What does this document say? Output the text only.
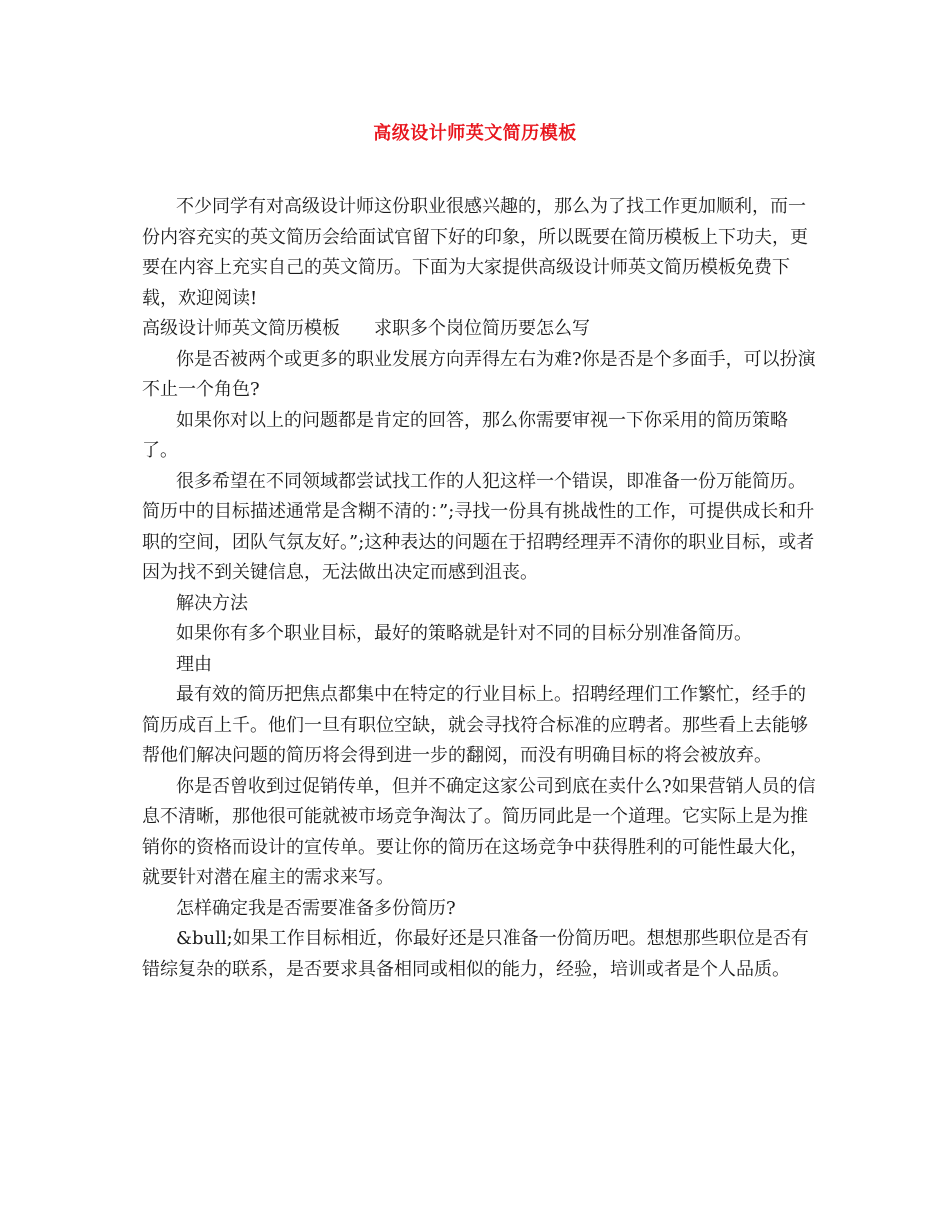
高级设计师英文简历模板

不少同学有对高级设计师这份职业很感兴趣的，那么为了找工作更加顺利，而一份内容充实的英文简历会给面试官留下好的印象，所以既要在简历模板上下功夫，更要在内容上充实自己的英文简历。下面为大家提供高级设计师英文简历模板免费下载，欢迎阅读!

高级设计师英文简历模板 求职多个岗位简历要怎么写

你是否被两个或更多的职业发展方向弄得左右为难?你是否是个多面手，可以扮演不止一个角色?

如果你对以上的问题都是肯定的回答，那么你需要审视一下你采用的简历策略了。

很多希望在不同领域都尝试找工作的人犯这样一个错误，即准备一份万能简历。简历中的目标描述通常是含糊不清的：”;寻找一份具有挑战性的工作，可提供成长和升职的空间，团队气氛友好。”;这种表达的问题在于招聘经理弄不清你的职业目标，或者因为找不到关键信息，无法做出决定而感到沮丧。

解决方法

如果你有多个职业目标，最好的策略就是针对不同的目标分别准备简历。

理由

最有效的简历把焦点都集中在特定的行业目标上。招聘经理们工作繁忙，经手的简历成百上千。他们一旦有职位空缺，就会寻找符合标准的应聘者。那些看上去能够帮他们解决问题的简历将会得到进一步的翻阅，而没有明确目标的将会被放弃。

你是否曾收到过促销传单，但并不确定这家公司到底在卖什么?如果营销人员的信息不清晰，那他很可能就被市场竞争淘汰了。简历同此是一个道理。它实际上是为推销你的资格而设计的宣传单。要让你的简历在这场竞争中获得胜利的可能性最大化，就要针对潜在雇主的需求来写。

怎样确定我是否需要准备多份简历?

&bull;如果工作目标相近，你最好还是只准备一份简历吧。想想那些职位是否有错综复杂的联系，是否要求具备相同或相似的能力，经验，培训或者是个人品质。
